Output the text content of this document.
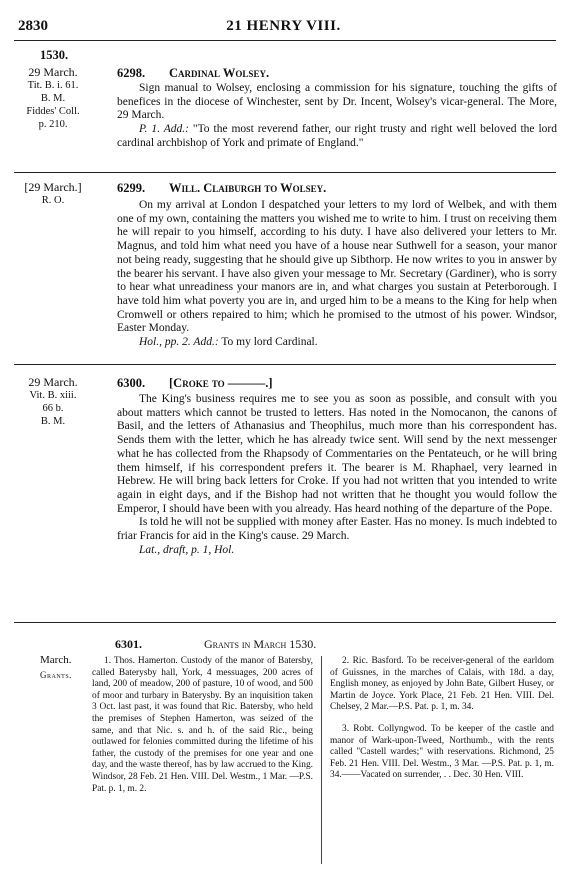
2830	21 HENRY VIII.
1530.
29 March.
Tit. B. i. 61.
B. M.
Fiddes' Coll.
p. 210.
6298. Cardinal Wolsey.

Sign manual to Wolsey, enclosing a commission for his signature, touching the gifts of benefices in the diocese of Winchester, sent by Dr. Incent, Wolsey's vicar-general. The More, 29 March.

P. 1. Add.: "To the most reverend father, our right trusty and right well beloved the lord cardinal archbishop of York and primate of England."

[29 March.]
R. O.
6299. Will. Claiburgh to Wolsey.

On my arrival at London I despatched your letters to my lord of Welbek, and with them one of my own, containing the matters you wished me to write to him. I trust on receiving them he will repair to you himself, according to his duty. I have also delivered your letters to Mr. Magnus, and told him what need you have of a house near Suthwell for a season, your manor not being ready, suggesting that he should give up Sibthorp. He now writes to you in answer by the bearer his servant. I have also given your message to Mr. Secretary (Gardiner), who is sorry to hear what unreadiness your manors are in, and what charges you sustain at Peterborough. I have told him what poverty you are in, and urged him to be a means to the King for help when Cromwell or others repaired to him; which he promised to the utmost of his power. Windsor, Easter Monday.

Hol., pp. 2. Add.: To my lord Cardinal.

29 March.
Vit. B. xiii.
66 b.
B. M.
6300. [Croke to ———.]

The King's business requires me to see you as soon as possible, and consult with you about matters which cannot be trusted to letters. Has noted in the Nomocanon, the canons of Basil, and the letters of Athanasius and Theophilus, much more than his correspondent has. Sends them with the letter, which he has already twice sent. Will send by the next messenger what he has collected from the Rhapsody of Commentaries on the Pentateuch, or he will bring them himself, if his correspondent prefers it. The bearer is M. Rhaphael, very learned in Hebrew. He will bring back letters for Croke. If you had not written that you intended to write again in eight days, and if the Bishop had not written that he thought you would follow the Emperor, I should have been with you already. Has heard nothing of the departure of the Pope.

Is told he will not be supplied with money after Easter. Has no money. Is much indebted to friar Francis for aid in the King's cause. 29 March.

Lat., draft, p. 1, Hol.

6301.	Grants in March 1530.
March.
Grants.

1. Thos. Hamerton. Custody of the manor of Batersby, called Baterysby hall, York, 4 messuages, 200 acres of land, 200 of meadow, 200 of pasture, 10 of wood, and 500 of moor and turbary in Baterysby. By an inquisition taken 3 Oct. last past, it was found that Ric. Batersby, who held the premises of Stephen Hamerton, was seized of the same, and that Nic. s. and h. of the said Ric., being outlawed for felonies committed during the lifetime of his father, the custody of the premises for one year and one day, and the waste thereof, has by law accrued to the King. Windsor, 28 Feb. 21 Hen. VIII. Del. Westm., 1 Mar. —P.S. Pat. p. 1, m. 2.

2. Ric. Basford. To be receiver-general of the earldom of Guissnes, in the marches of Calais, with 18d. a day, English money, as enjoyed by John Bate, Gilbert Husey, or Martin de Joyce. York Place, 21 Feb. 21 Hen. VIII. Del. Chelsey, 2 Mar.—P.S. Pat. p. 1, m. 34.

3. Robt. Collyngwod. To be keeper of the castle and manor of Wark-upon-Tweed, Northumb., with the rents called "Castell wardes;" with reservations. Richmond, 25 Feb. 21 Hen. VIII. Del. Westm., 3 Mar. —P.S. Pat. p. 1, m. 34.——Vacated on surrender, . . Dec. 30 Hen. VIII.
